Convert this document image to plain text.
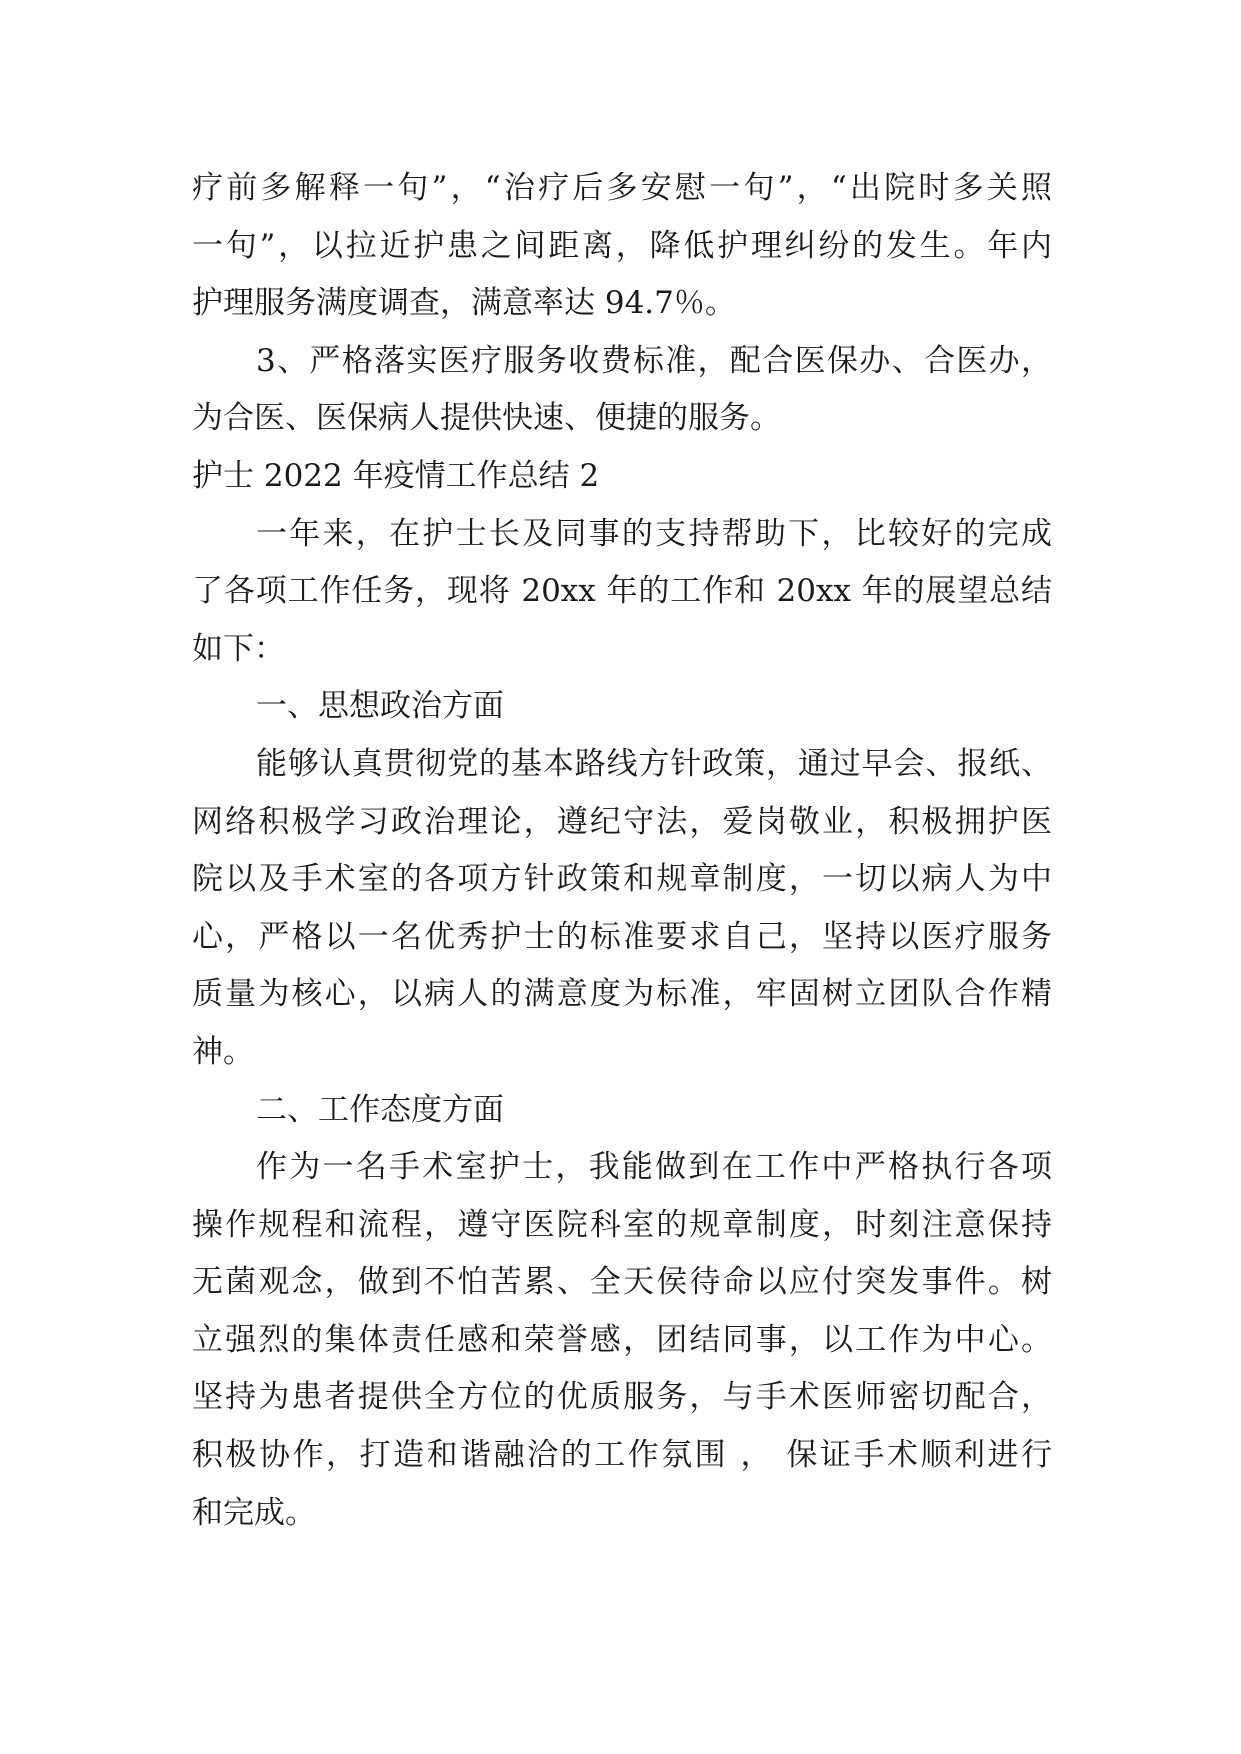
疗前多解释一句”，“治疗后多安慰一句”，“出院时多关照
一句”，以拉近护患之间距离，降低护理纠纷的发生。年内
护理服务满度调查，满意率达 94.7％。
3、严格落实医疗服务收费标准，配合医保办、合医办，
为合医、医保病人提供快速、便捷的服务。
护士 2022 年疫情工作总结 2
一年来，在护士长及同事的支持帮助下，比较好的完成
了各项工作任务，现将 20xx 年的工作和 20xx 年的展望总结
如下：
一、思想政治方面
能够认真贯彻党的基本路线方针政策，通过早会、报纸、
网络积极学习政治理论，遵纪守法，爱岗敬业，积极拥护医
院以及手术室的各项方针政策和规章制度，一切以病人为中
心，严格以一名优秀护士的标准要求自己，坚持以医疗服务
质量为核心，以病人的满意度为标准，牢固树立团队合作精
神。
二、工作态度方面
作为一名手术室护士，我能做到在工作中严格执行各项
操作规程和流程，遵守医院科室的规章制度，时刻注意保持
无菌观念，做到不怕苦累、全天侯待命以应付突发事件。树
立强烈的集体责任感和荣誉感，团结同事，以工作为中心。
坚持为患者提供全方位的优质服务，与手术医师密切配合，
积极协作，打造和谐融洽的工作氛围 ， 保证手术顺利进行
和完成。
